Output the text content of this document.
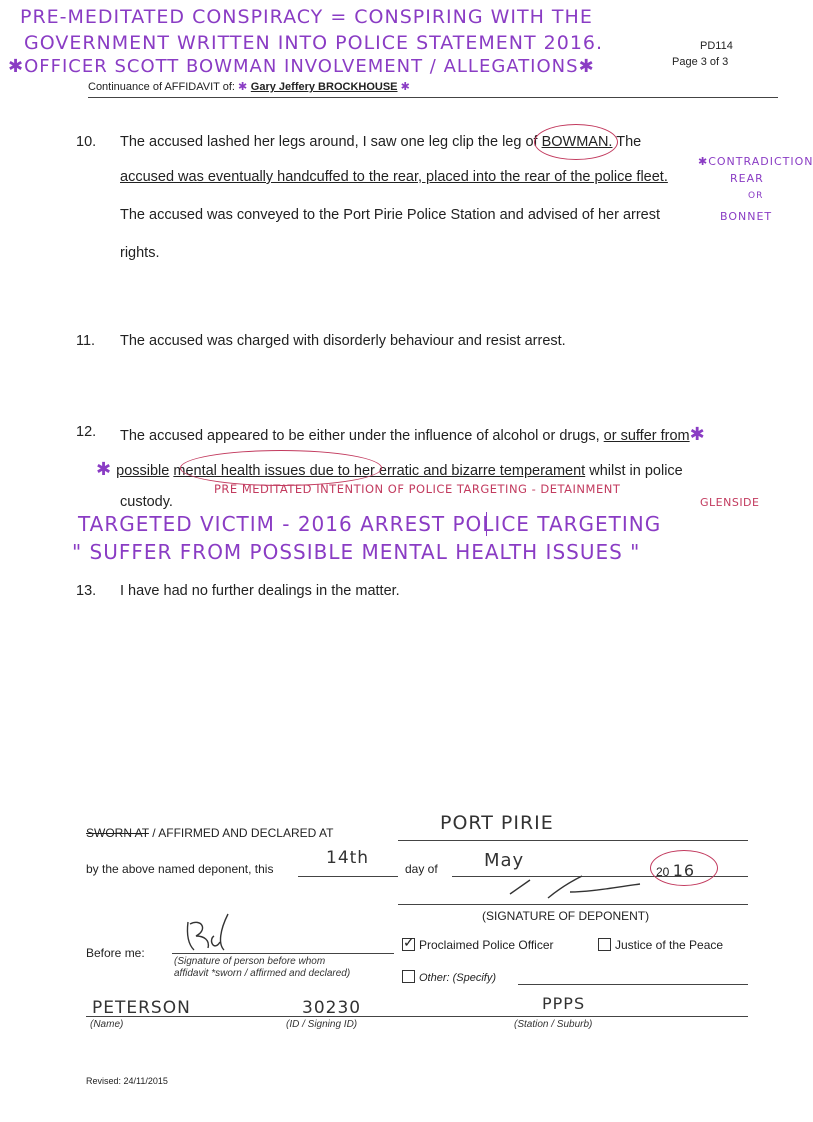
PRE-MEDITATED CONSPIRACY = CONSPIRING WITH THE
GOVERNMENT WRITTEN INTO POLICE STATEMENT 2016.
✱OFFICER SCOTT BOWMAN INVOLVEMENT / ALLEGATIONS✱
PD114
Page 3 of 3
Continuance of AFFIDAVIT of: ✱ Gary Jeffery BROCKHOUSE ✱
10. The accused lashed her legs around, I saw one leg clip the leg of BOWMAN. The
✱CONTRADICTION
accused was eventually handcuffed to the rear, placed into the rear of the police fleet.	REAR
OR
The accused was conveyed to the Port Pirie Police Station and advised of her arrest	BONNET
rights.
11. The accused was charged with disorderly behaviour and resist arrest.
12. The accused appeared to be either under the influence of alcohol or drugs, or suffer from✱
✱ possible mental health issues due to her erratic and bizarre temperament whilst in police
custody.
PRE MEDITATED INTENTION OF POLICE TARGETING - DETAINMENT
GLENSIDE
TARGETED VICTIM - 2016 ARREST POLICE TARGETING
" SUFFER FROM POSSIBLE MENTAL HEALTH ISSUES "
13. I have had no further dealings in the matter.
SWORN AT / AFFIRMED AND DECLARED AT	PORT PIRIE
by the above named deponent, this
14th
day of	May
20 16
(SIGNATURE OF DEPONENT)
Before me:
✓ Proclaimed Police Officer	Justice of the Peace
(Signature of person before whom
affidavit *sworn / affirmed and declared)	Other: (Specify)
PETERSON	30230	PPPS
(Name)	(ID / Signing ID)	(Station / Suburb)
Revised: 24/11/2015
